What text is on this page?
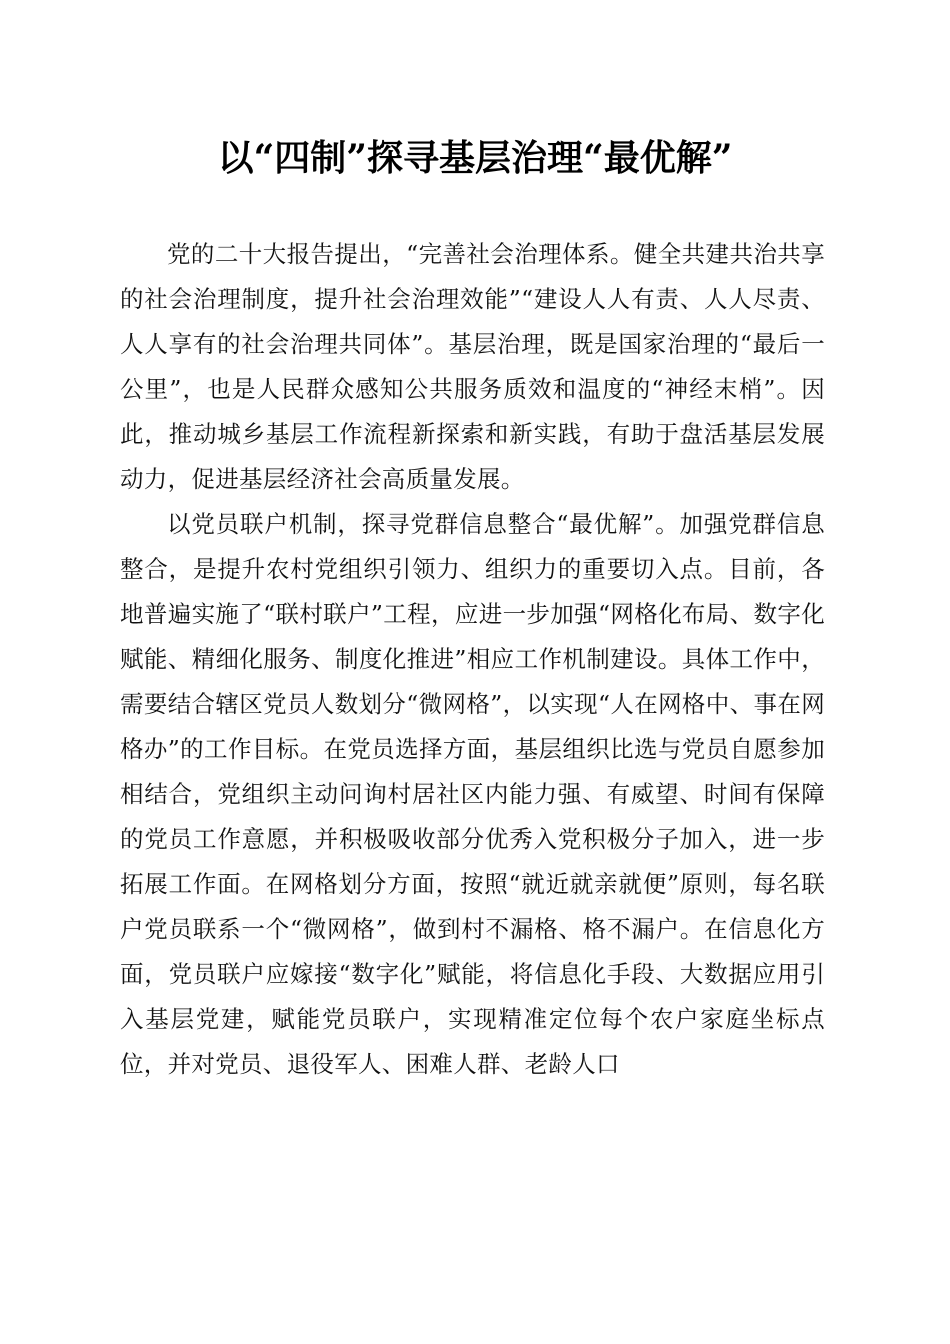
以“四制”探寻基层治理“最优解”

党的二十大报告提出，“完善社会治理体系。健全共建共治共享的社会治理制度，提升社会治理效能”“建设人人有责、人人尽责、人人享有的社会治理共同体”。基层治理，既是国家治理的“最后一公里”，也是人民群众感知公共服务质效和温度的“神经末梢”。因此，推动城乡基层工作流程新探索和新实践，有助于盘活基层发展动力，促进基层经济社会高质量发展。

以党员联户机制，探寻党群信息整合“最优解”。加强党群信息整合，是提升农村党组织引领力、组织力的重要切入点。目前，各地普遍实施了“联村联户”工程，应进一步加强“网格化布局、数字化赋能、精细化服务、制度化推进”相应工作机制建设。具体工作中，需要结合辖区党员人数划分“微网格”，以实现“人在网格中、事在网格办”的工作目标。在党员选择方面，基层组织比选与党员自愿参加相结合，党组织主动问询村居社区内能力强、有威望、时间有保障的党员工作意愿，并积极吸收部分优秀入党积极分子加入，进一步拓展工作面。在网格划分方面，按照“就近就亲就便”原则，每名联户党员联系一个“微网格”，做到村不漏格、格不漏户。在信息化方面，党员联户应嫁接“数字化”赋能，将信息化手段、大数据应用引入基层党建，赋能党员联户，实现精准定位每个农户家庭坐标点位，并对党员、退役军人、困难人群、老龄人口
